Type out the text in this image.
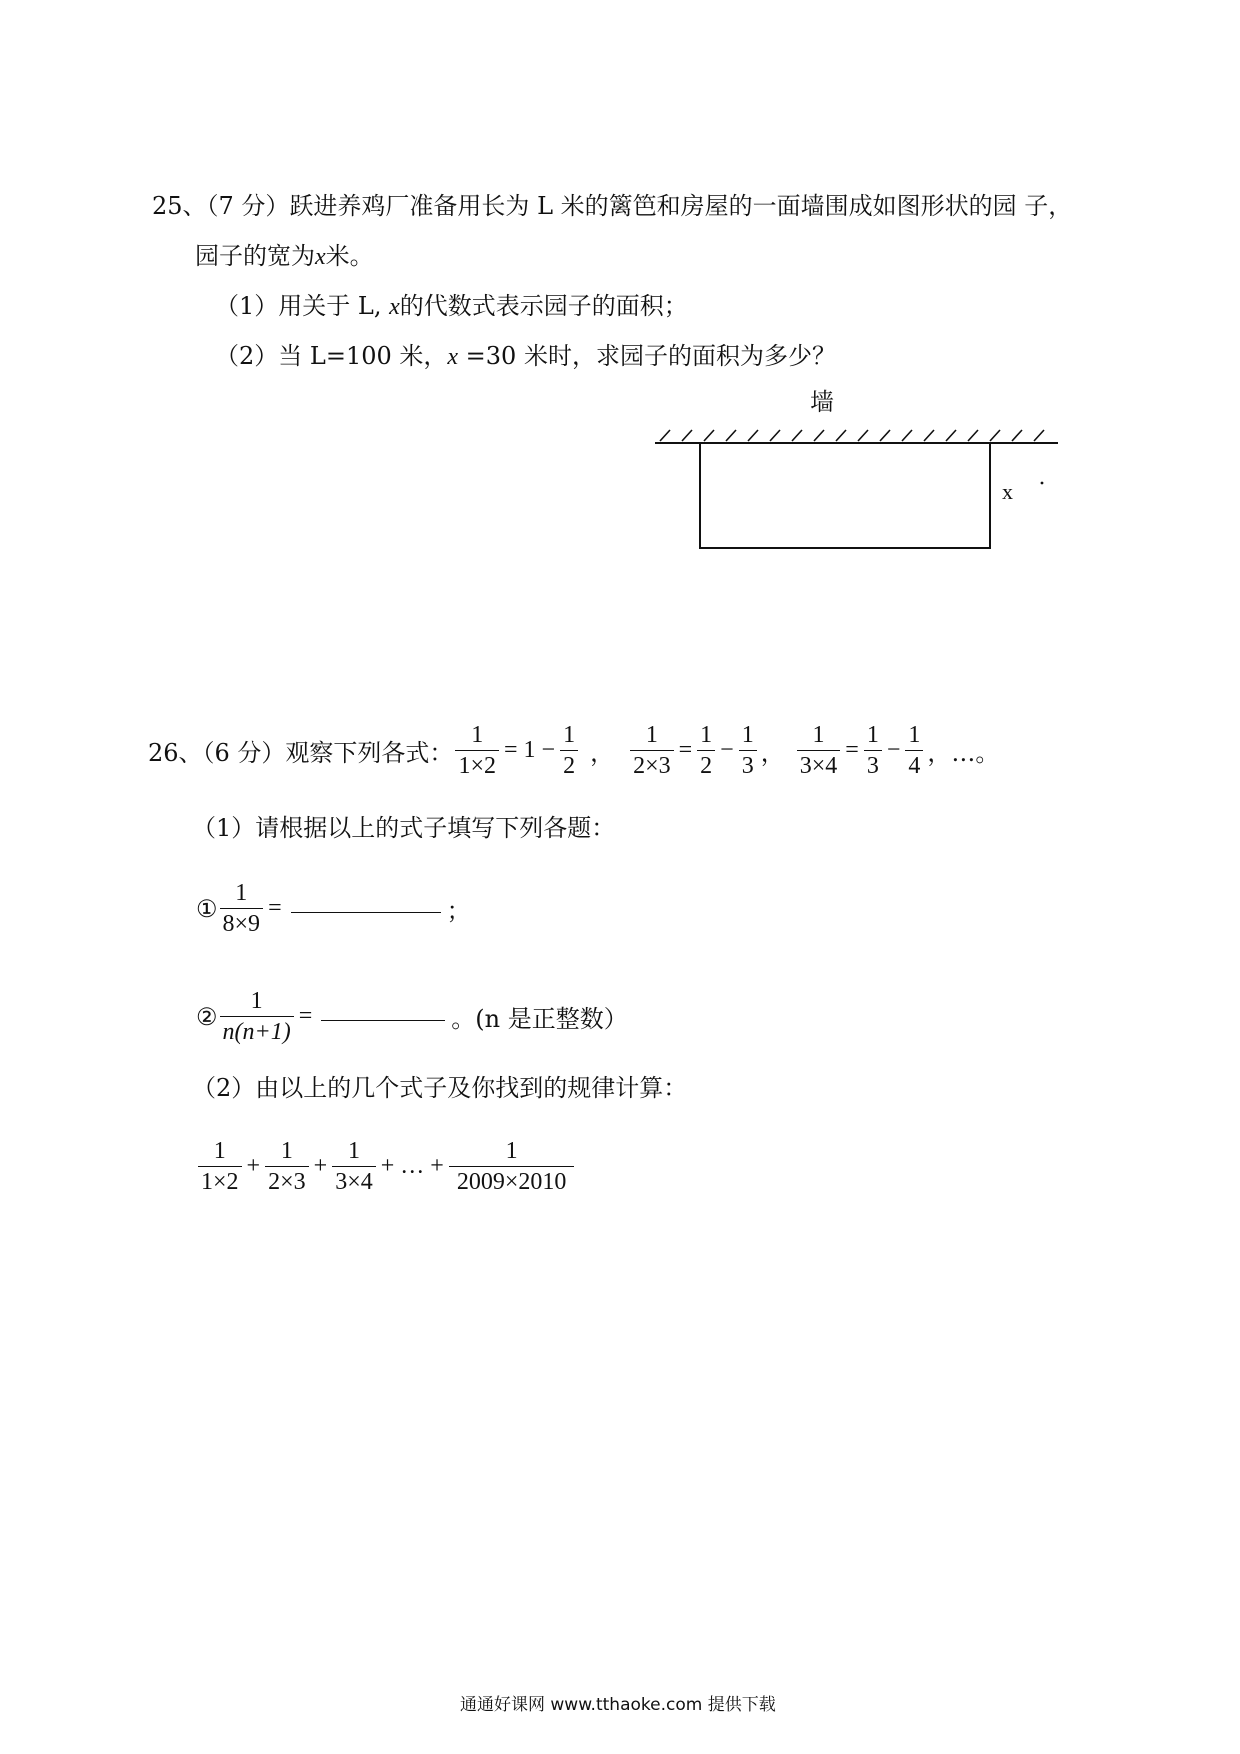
25、（7 分）跃进养鸡厂准备用长为 L 米的篱笆和房屋的一面墙围成如图形状的园 子，
园子的宽为x米。
（1）用关于 L, x的代数式表示园子的面积；
（2）当 L=100 米，x =30 米时，求园子的面积为多少？
墙
x
26、（6 分）观察下列各式： $\frac{1}{1\times 2} = 1 - \frac{1}{2}$ ， $\frac{1}{2\times 3} = \frac{1}{2} - \frac{1}{3}$ ， $\frac{1}{3\times 4} = \frac{1}{3} - \frac{1}{4}$ ，…。
（1）请根据以上的式子填写下列各题：
① $\frac{1}{8\times 9}$ =	；
② $\frac{1}{n(n+1)}$ =	。(n 是正整数）
（2）由以上的几个式子及你找到的规律计算：
$\frac{1}{1\times 2} + \frac{1}{2\times 3} + \frac{1}{3\times 4}$ + … + $\frac{1}{2009\times 2010}$
通通好课网 www.tthaoke.com 提供下载
